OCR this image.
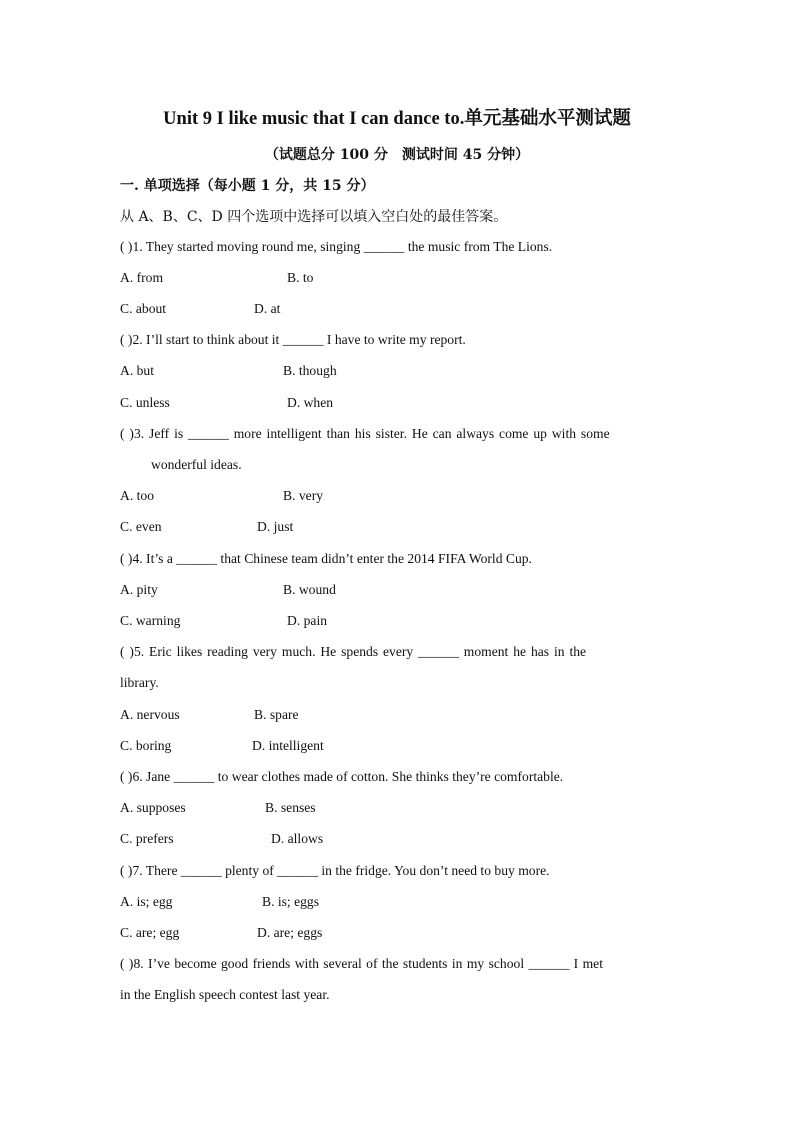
Unit 9 I like music that I can dance to.单元基础水平测试题
（试题总分 100 分　测试时间 45 分钟）
一. 单项选择（每小题 1 分，共 15 分）
从 A、B、C、D 四个选项中选择可以填入空白处的最佳答案。
( )1. They started moving round me, singing ______ the music from The Lions.
A. from	B. to
C. about	D. at
( )2. I’ll start to think about it ______ I have to write my report.
A. but	B. though
C. unless	D. when
( )3. Jeff is ______ more intelligent than his sister. He can always come up with some
wonderful ideas.
A. too	B. very
C. even	D. just
( )4. It’s a ______ that Chinese team didn’t enter the 2014 FIFA World Cup.
A. pity	B. wound
C. warning	D. pain
( )5. Eric likes reading very much. He spends every ______ moment he has in the
library.
A. nervous	B. spare
C. boring	D. intelligent
( )6. Jane ______ to wear clothes made of cotton. She thinks they’re comfortable.
A. supposes	B. senses
C. prefers	D. allows
( )7. There ______ plenty of ______ in the fridge. You don’t need to buy more.
A. is; egg	B. is; eggs
C. are; egg	D. are; eggs
( )8. I’ve become good friends with several of the students in my school ______ I met
in the English speech contest last year.
